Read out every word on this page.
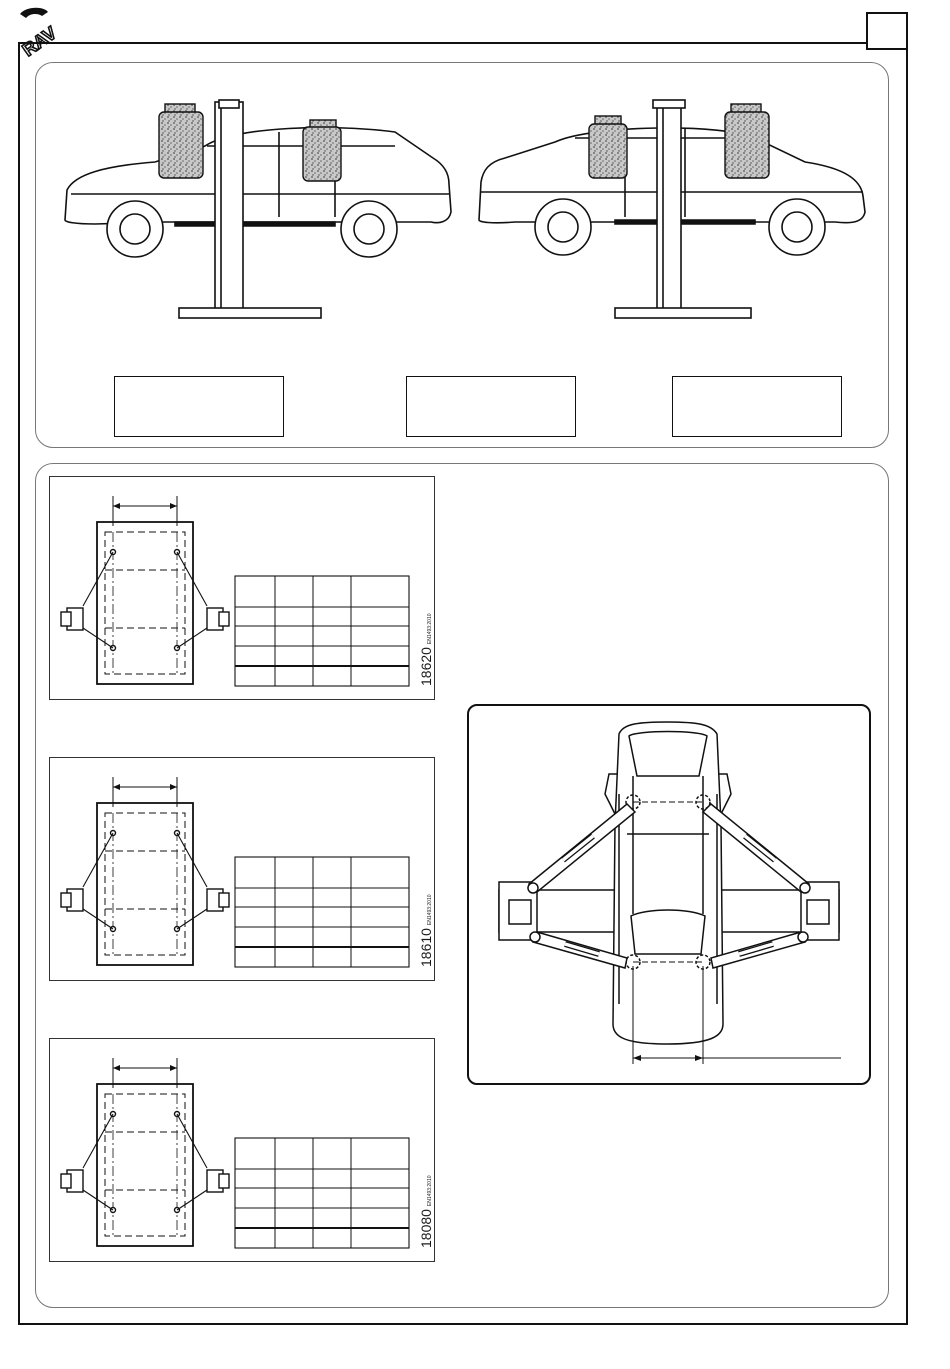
RAV
18620EN1493:2010
18610EN1493:2010
18080EN1493:2010
